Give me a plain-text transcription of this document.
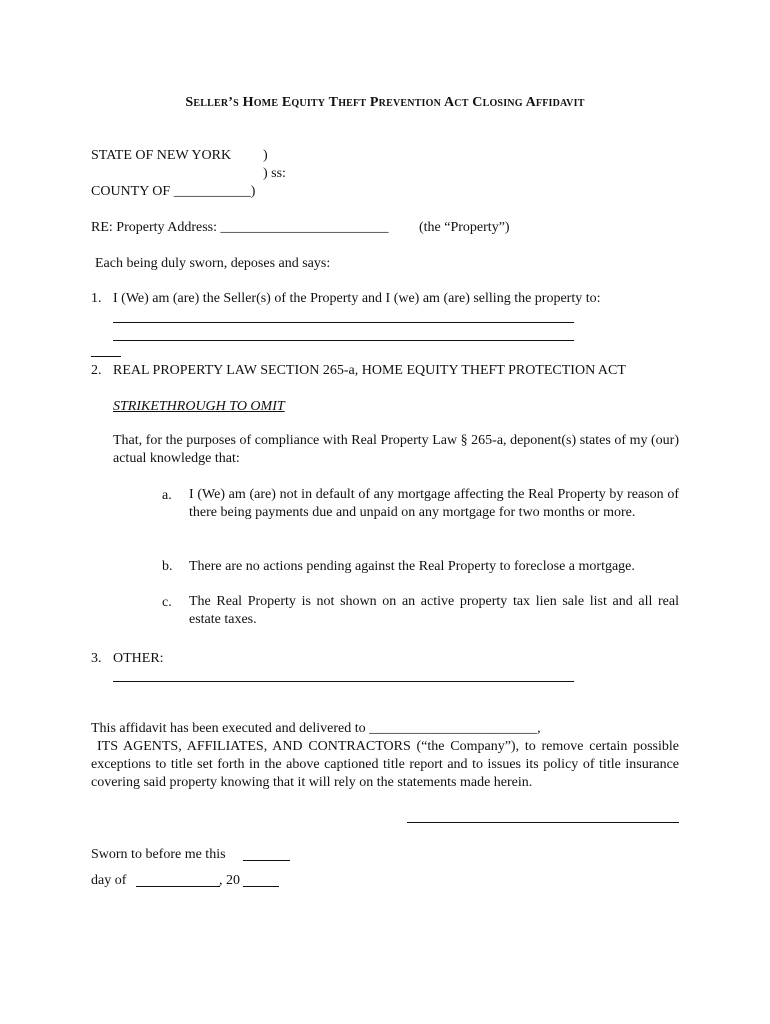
Seller’s Home Equity Theft Prevention Act Closing Affidavit
STATE OF NEW YORK )
) ss:
COUNTY OF ___________)
RE: Property Address: ________________________ (the “Property”)
Each being duly sworn, deposes and says:
1. I (We) am (are) the Seller(s) of the Property and I (we) am (are) selling the property to:
2. REAL PROPERTY LAW SECTION 265-a, HOME EQUITY THEFT PROTECTION ACT
STRIKETHROUGH TO OMIT
That, for the purposes of compliance with Real Property Law § 265-a, deponent(s) states of my (our) actual knowledge that:
a. I (We) am (are) not in default of any mortgage affecting the Real Property by reason of there being payments due and unpaid on any mortgage for two months or more.
b. There are no actions pending against the Real Property to foreclose a mortgage.
c. The Real Property is not shown on an active property tax lien sale list and all real estate taxes.
3. OTHER:
This affidavit has been executed and delivered to ________________________,
ITS AGENTS, AFFILIATES, AND CONTRACTORS (“the Company”), to remove certain possible exceptions to title set forth in the above captioned title report and to issues its policy of title insurance covering said property knowing that it will rely on the statements made herein.
Sworn to before me this
day of	, 20
